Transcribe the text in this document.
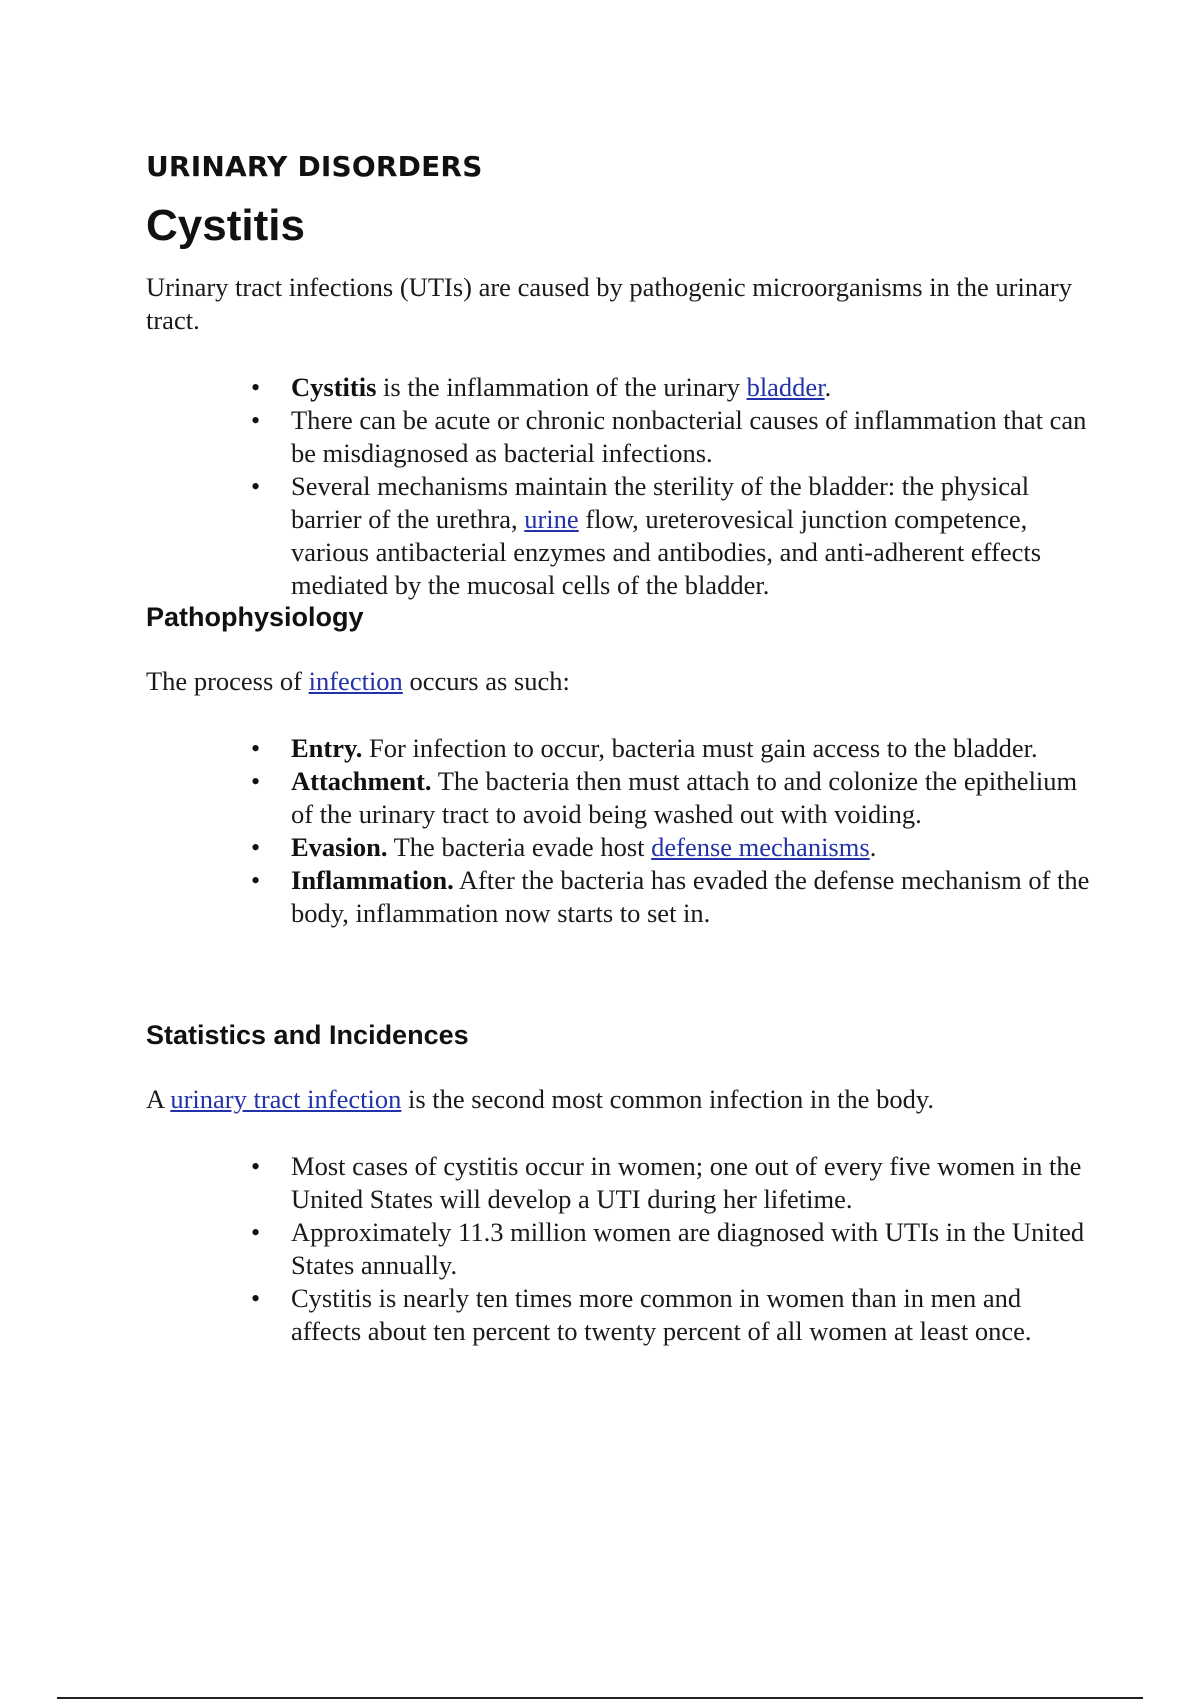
URINARY DISORDERS
Cystitis

Urinary tract infections (UTIs) are caused by pathogenic microorganisms in the urinary tract.

• Cystitis is the inflammation of the urinary bladder.
• There can be acute or chronic nonbacterial causes of inflammation that can be misdiagnosed as bacterial infections.
• Several mechanisms maintain the sterility of the bladder: the physical barrier of the urethra, urine flow, ureterovesical junction competence, various antibacterial enzymes and antibodies, and anti-adherent effects mediated by the mucosal cells of the bladder.
Pathophysiology

The process of infection occurs as such:

• Entry. For infection to occur, bacteria must gain access to the bladder.
• Attachment. The bacteria then must attach to and colonize the epithelium of the urinary tract to avoid being washed out with voiding.
• Evasion. The bacteria evade host defense mechanisms.
• Inflammation. After the bacteria has evaded the defense mechanism of the body, inflammation now starts to set in.
Statistics and Incidences

A urinary tract infection is the second most common infection in the body.

• Most cases of cystitis occur in women; one out of every five women in the United States will develop a UTI during her lifetime.
• Approximately 11.3 million women are diagnosed with UTIs in the United States annually.
• Cystitis is nearly ten times more common in women than in men and affects about ten percent to twenty percent of all women at least once.
